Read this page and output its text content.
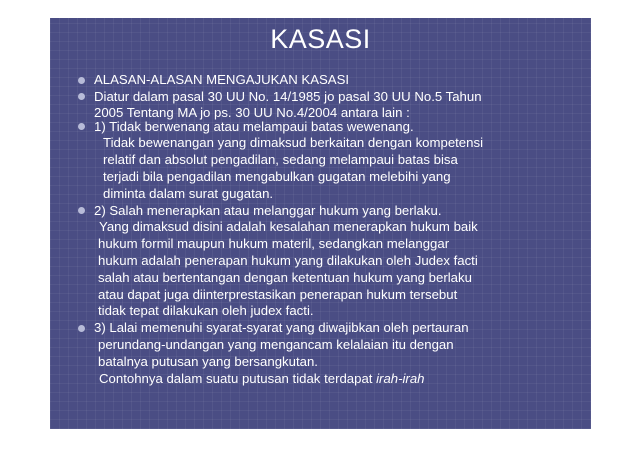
KASASI
ALASAN-ALASAN MENGAJUKAN KASASI
Diatur dalam pasal 30 UU No. 14/1985 jo pasal 30 UU No.5 Tahun
2005 Tentang MA jo ps. 30 UU No.4/2004 antara lain :
1) Tidak berwenang atau melampaui batas wewenang.
Tidak bewenangan yang dimaksud berkaitan dengan kompetensi
relatif dan absolut pengadilan, sedang melampaui batas bisa
terjadi bila pengadilan mengabulkan gugatan melebihi yang
diminta dalam surat gugatan.
2) Salah menerapkan atau melanggar hukum yang berlaku.
Yang dimaksud disini adalah kesalahan menerapkan hukum baik
hukum formil maupun hukum materil, sedangkan melanggar
hukum adalah penerapan hukum yang dilakukan oleh Judex facti
salah atau bertentangan dengan ketentuan hukum yang berlaku
atau dapat juga diinterprestasikan penerapan hukum tersebut
tidak tepat dilakukan oleh judex facti.
3) Lalai memenuhi syarat-syarat yang diwajibkan oleh pertauran
perundang-undangan yang mengancam kelalaian itu dengan
batalnya putusan yang bersangkutan.
Contohnya dalam suatu putusan tidak terdapat irah-irah
